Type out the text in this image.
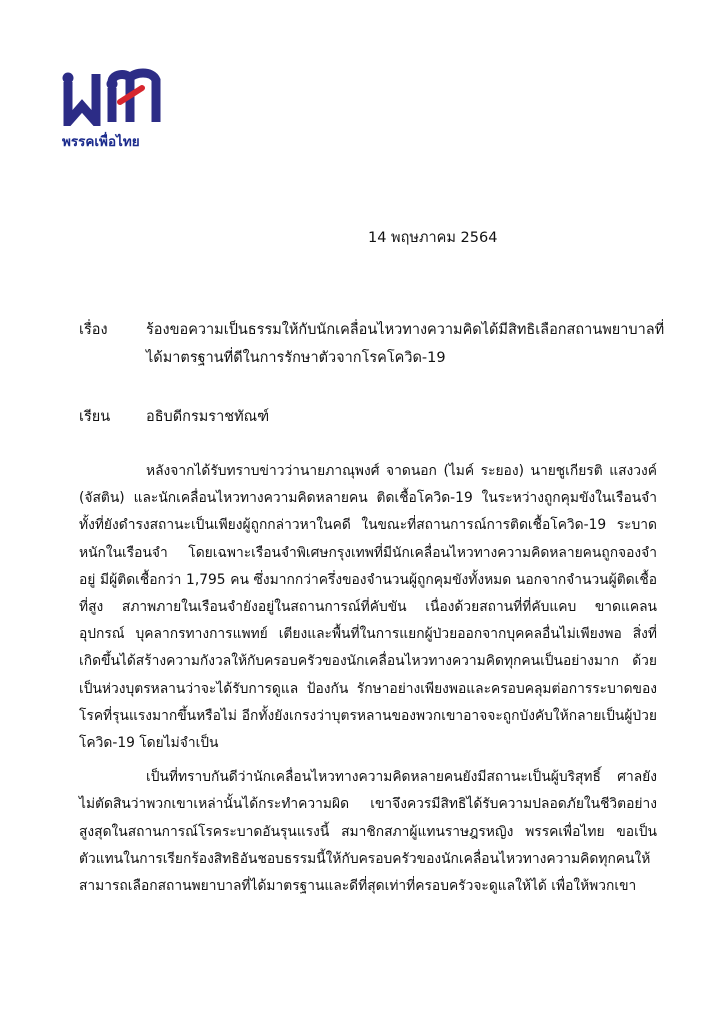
พรรคเพื่อไทย
14 พฤษภาคม 2564
เรื่อง	ร้องขอความเป็นธรรมให้กับนักเคลื่อนไหวทางความคิดได้มีสิทธิเลือกสถานพยาบาลที่
ได้มาตรฐานที่ดีในการรักษาตัวจากโรคโควิด-19
เรียน อธิบดีกรมราชทัณฑ์

หลังจากได้รับทราบข่าวว่านายภาณุพงศ์ จาดนอก (ไมค์ ระยอง) นายชูเกียรติ แสงวงค์ (จัสติน) และนักเคลื่อนไหวทางความคิดหลายคน ติดเชื้อโควิด-19 ในระหว่างถูกคุมขังในเรือนจำ ทั้งที่ยังดำรงสถานะเป็นเพียงผู้ถูกกล่าวหาในคดี ในขณะที่สถานการณ์การติดเชื้อโควิด-19 ระบาดหนักในเรือนจำ โดยเฉพาะเรือนจำพิเศษกรุงเทพที่มีนักเคลื่อนไหวทางความคิดหลายคนถูกจองจำอยู่ มีผู้ติดเชื้อกว่า 1,795 คน ซึ่งมากกว่าครึ่งของจำนวนผู้ถูกคุมขังทั้งหมด นอกจากจำนวนผู้ติดเชื้อที่สูง สภาพภายในเรือนจำยังอยู่ในสถานการณ์ที่คับขัน เนื่องด้วยสถานที่ที่คับแคบ ขาดแคลนอุปกรณ์ บุคลากรทางการแพทย์ เตียงและพื้นที่ในการแยกผู้ป่วยออกจากบุคคลอื่นไม่เพียงพอ สิ่งที่เกิดขึ้นได้สร้างความกังวลให้กับครอบครัวของนักเคลื่อนไหวทางความคิดทุกคนเป็นอย่างมาก ด้วยเป็นห่วงบุตรหลานว่าจะได้รับการดูแล ป้องกัน รักษาอย่างเพียงพอและครอบคลุมต่อการระบาดของโรคที่รุนแรงมากขึ้นหรือไม่ อีกทั้งยังเกรงว่าบุตรหลานของพวกเขาอาจจะถูกบังคับให้กลายเป็นผู้ป่วยโควิด-19 โดยไม่จำเป็น

เป็นที่ทราบกันดีว่านักเคลื่อนไหวทางความคิดหลายคนยังมีสถานะเป็นผู้บริสุทธิ์ ศาลยังไม่ตัดสินว่าพวกเขาเหล่านั้นได้กระทำความผิด เขาจึงควรมีสิทธิได้รับความปลอดภัยในชีวิตอย่างสูงสุดในสถานการณ์โรคระบาดอันรุนแรงนี้ สมาชิกสภาผู้แทนราษฎรหญิง พรรคเพื่อไทย ขอเป็นตัวแทนในการเรียกร้องสิทธิอันชอบธรรมนี้ให้กับครอบครัวของนักเคลื่อนไหวทางความคิดทุกคนให้สามารถเลือกสถานพยาบาลที่ได้มาตรฐานและดีที่สุดเท่าที่ครอบครัวจะดูแลให้ได้ เพื่อให้พวกเขา
